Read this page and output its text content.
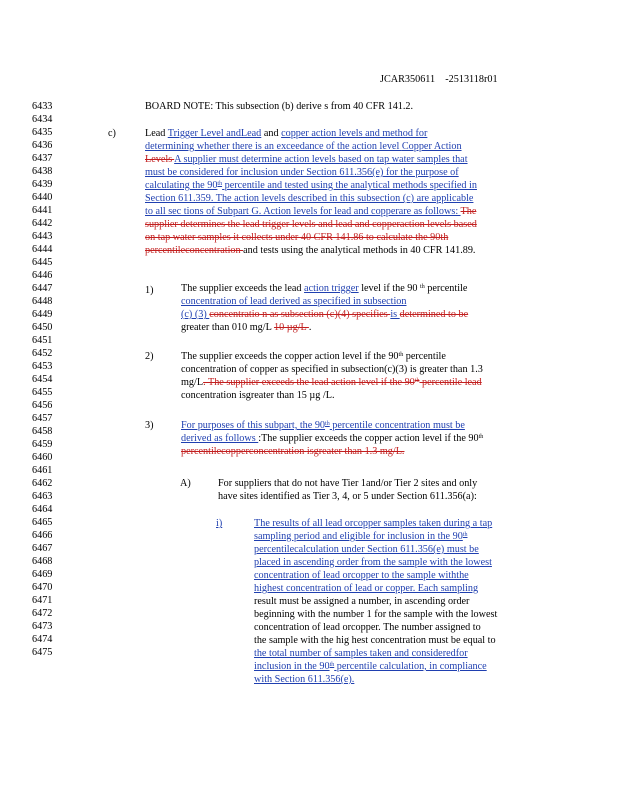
JCAR350611    -2513118r01
6433
6434
6435
6436
6437
6438
6439
6440
6441
6442
6443
6444
6445
6446
6447
6448
6449
6450
6451
6452
6453
6454
6455
6456
6457
6458
6459
6460
6461
6462
6463
6464
6465
6466
6467
6468
6469
6470
6471
6472
6473
6474
6475
c)
1)
2)
3)
A)
i)
BOARD NOTE: This subsection (b) derive s from 40 CFR 141.2.
Lead Trigger Level andLead and copper action levels and method for
determining whether there is an exceedance of the action level Copper Action
Levels A supplier must determine action levels based on tap water samples that
must be considered for inclusion under Section 611.356(e) for the purpose of
calculating the 90th percentile and tested using the analytical methods specified in
Section 611.359. The action levels described in this subsection (c) are applicable
to all sec tions of Subpart G. Action levels for lead and copperare as follows: The
supplier determines the lead trigger levels and lead and copperaction levels based
on tap water samples it collects under 40 CFR 141.86 to calculate the 90th
percentileconcentration and tests using the analytical methods in 40 CFR 141.89.
The supplier exceeds the lead action trigger level if the 90 $^{th}$ percentile
concentration of lead derived as specified in subsection
(c) (3) concentratio n as subsection (c)(4) specifies is determined to be
greater than 010 mg/L 10 µg/L .
The supplier exceeds the copper action level if the 90th percentile
concentration of copper as specified in subsection(c)(3) is greater than 1.3
mg/L. The supplier exceeds the lead action level if the 90th percentile lead
concentration isgreater than 15 µg /L.
For purposes of this subpart, the 90th percentile concentration must be
derived as follows :The supplier exceeds the copper action level if the 90th
percentilecopperconcentration isgreater than 1.3 mg/L.
For suppliers that do not have Tier 1and/or Tier 2 sites and only
have sites identified as Tier 3, 4, or 5 under Section 611.356(a):
The results of all lead orcopper samples taken during a tap
sampling period and eligible for inclusion in the 90th
percentilecalculation under Section 611.356(e) must be
placed in ascending order from the sample with the lowest
concentration of lead orcopper to the sample withthe
highest concentration of lead or copper. Each sampling
result must be assigned a number, in ascending order
beginning with the number 1 for the sample with the lowest
concentration of lead orcopper. The number assigned to
the sample with the hig hest concentration must be equal to
the total number of samples taken and consideredfor
inclusion in the 90th percentile calculation, in compliance
with Section 611.356(e).
